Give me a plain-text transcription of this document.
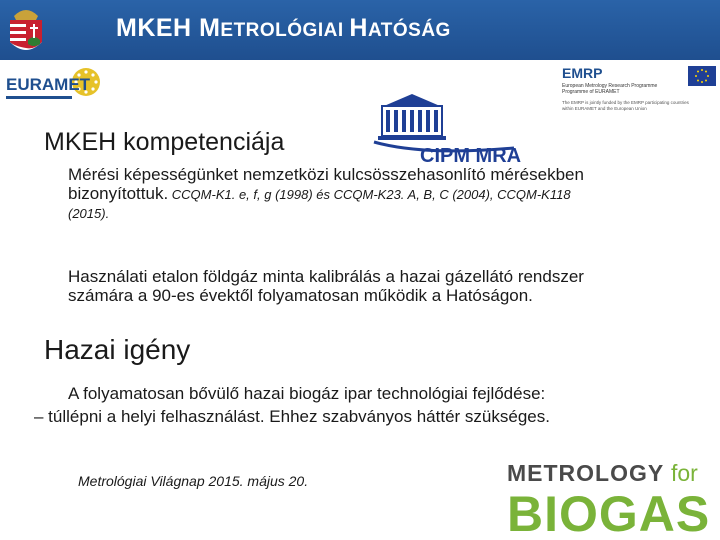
MKEH METROLÓGIAI HATÓSÁG
EURAMET
EMRP
European Metrology Research Programme
Programme of EURAMET
The EMRP is jointly funded by the EMRP participating countries
within EURAMET and the European Union
CIPM MRA
MKEH kompetenciája
Mérési képességünket nemzetközi kulcsösszehasonlító mérésekben
bizonyítottuk. CCQM-K1. e, f, g (1998) és CCQM-K23. A, B, C (2004), CCQM-K118
(2015).
Használati etalon földgáz minta kalibrálás a hazai gázellátó rendszer
számára a 90-es évektől folyamatosan működik a Hatóságon.
Hazai igény
A folyamatosan bővülő hazai biogáz ipar technológiai fejlődése:
– túllépni a helyi felhasználást. Ehhez szabványos háttér szükséges.
Metrológiai Világnap 2015. május 20.	METROLOGY for
BIOGAS
